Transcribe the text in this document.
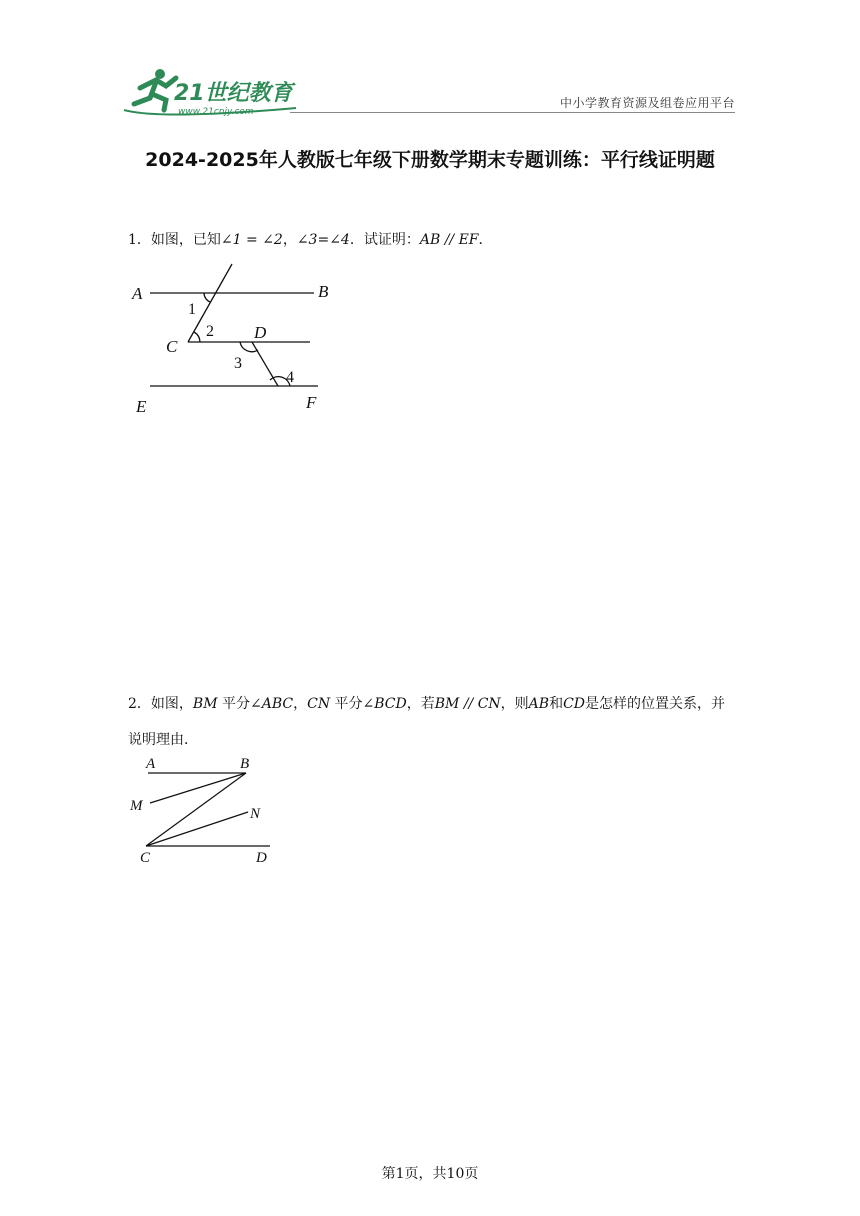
21世纪教育
www.21cnjy.com
中小学教育资源及组卷应用平台
2024-2025年人教版七年级下册数学期末专题训练：平行线证明题
1．如图，已知∠1 = ∠2，∠3=∠4．试证明：AB // EF．
A	B
C
D
E	F
1
2
3
4
2．如图，BM 平分∠ABC，CN 平分∠BCD，若BM // CN，则AB和CD是怎样的位置关系，并说明理由．
A	B
M	N
C	D
第1页，共10页
